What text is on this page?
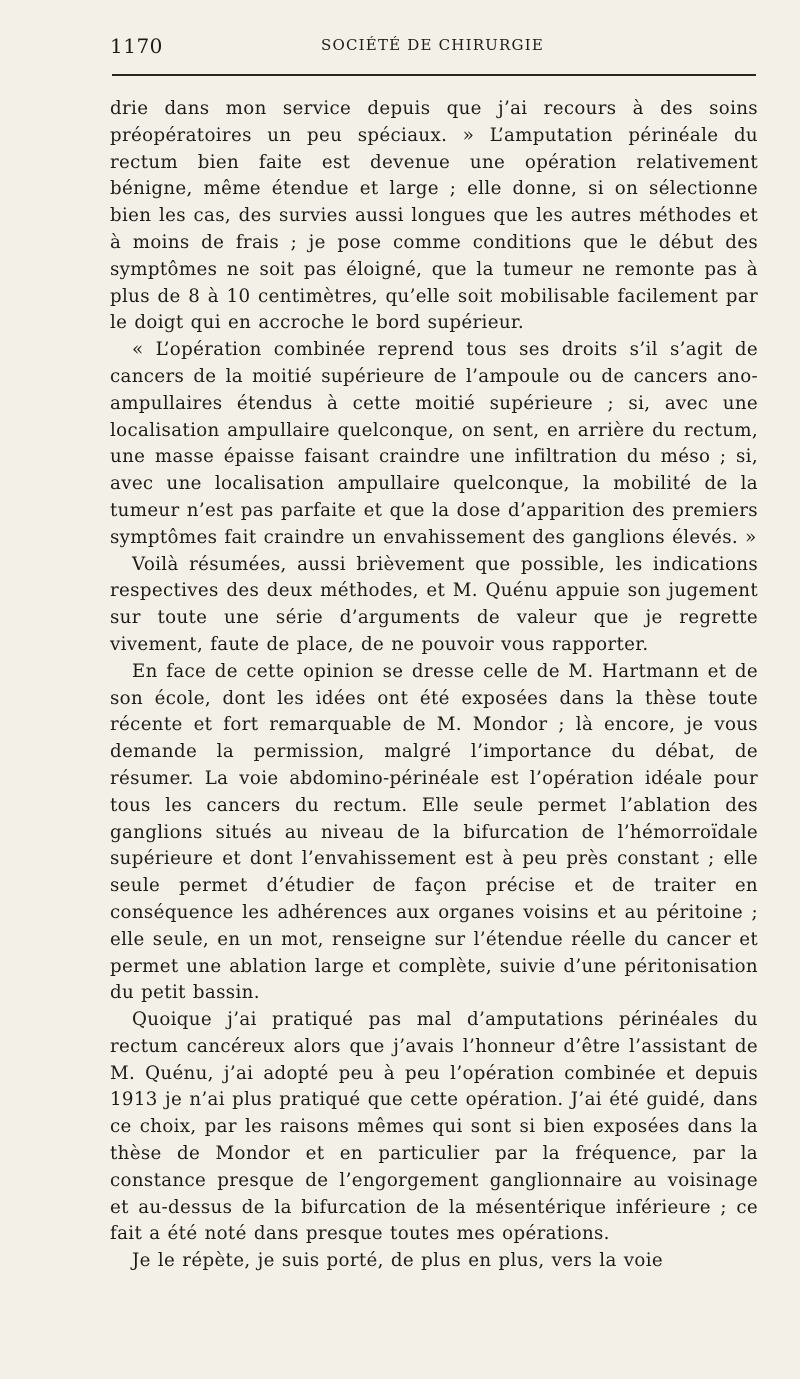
1170	SOCIÉTÉ DE CHIRURGIE

drie dans mon service depuis que j’ai recours à des soins préopératoires un peu spéciaux. » L’amputation périnéale du rectum bien faite est devenue une opération relativement bénigne, même étendue et large ; elle donne, si on sélectionne bien les cas, des survies aussi longues que les autres méthodes et à moins de frais ; je pose comme conditions que le début des symptômes ne soit pas éloigné, que la tumeur ne remonte pas à plus de 8 à 10 centimètres, qu’elle soit mobilisable facilement par le doigt qui en accroche le bord supérieur.

« L’opération combinée reprend tous ses droits s’il s’agit de cancers de la moitié supérieure de l’ampoule ou de cancers ano-ampullaires étendus à cette moitié supérieure ; si, avec une localisation ampullaire quelconque, on sent, en arrière du rectum, une masse épaisse faisant craindre une infiltration du méso ; si, avec une localisation ampullaire quelconque, la mobilité de la tumeur n’est pas parfaite et que la dose d’apparition des premiers symptômes fait craindre un envahissement des ganglions élevés. »

Voilà résumées, aussi brièvement que possible, les indications respectives des deux méthodes, et M. Quénu appuie son jugement sur toute une série d’arguments de valeur que je regrette vivement, faute de place, de ne pouvoir vous rapporter.

En face de cette opinion se dresse celle de M. Hartmann et de son école, dont les idées ont été exposées dans la thèse toute récente et fort remarquable de M. Mondor ; là encore, je vous demande la permission, malgré l’importance du débat, de résumer. La voie abdomino-périnéale est l’opération idéale pour tous les cancers du rectum. Elle seule permet l’ablation des ganglions situés au niveau de la bifurcation de l’hémorroïdale supérieure et dont l’envahissement est à peu près constant ; elle seule permet d’étudier de façon précise et de traiter en conséquence les adhérences aux organes voisins et au péritoine ; elle seule, en un mot, renseigne sur l’étendue réelle du cancer et permet une ablation large et complète, suivie d’une péritonisation du petit bassin.

Quoique j’ai pratiqué pas mal d’amputations périnéales du rectum cancéreux alors que j’avais l’honneur d’être l’assistant de M. Quénu, j’ai adopté peu à peu l’opération combinée et depuis 1913 je n’ai plus pratiqué que cette opération. J’ai été guidé, dans ce choix, par les raisons mêmes qui sont si bien exposées dans la thèse de Mondor et en particulier par la fréquence, par la constance presque de l’engorgement ganglionnaire au voisinage et au-dessus de la bifurcation de la mésentérique inférieure ; ce fait a été noté dans presque toutes mes opérations.

Je le répète, je suis porté, de plus en plus, vers la voie
